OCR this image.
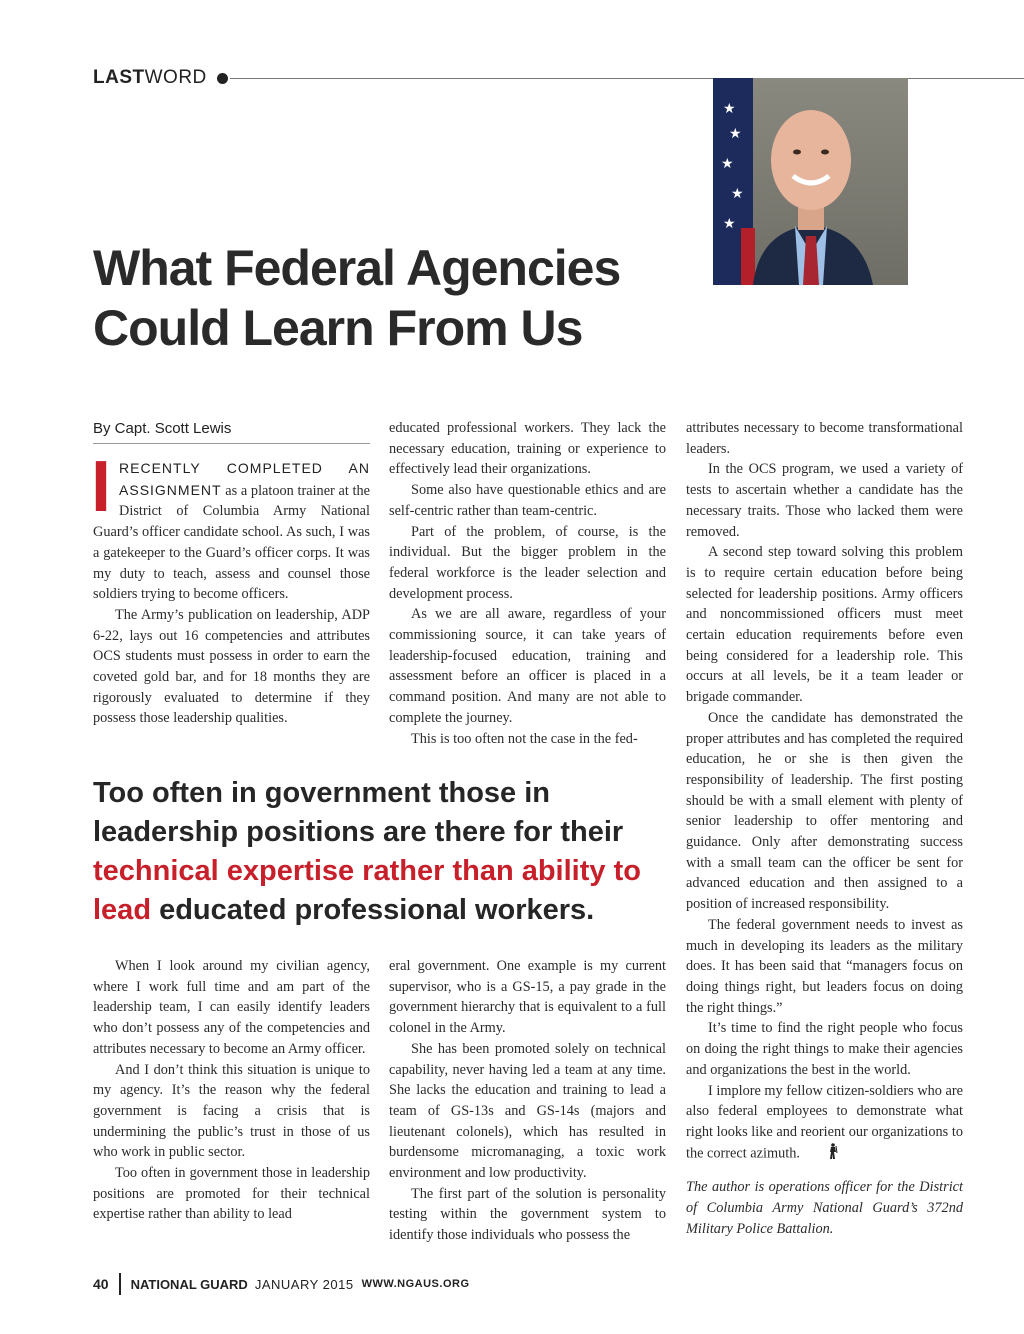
LAST WORD
★
★
★
★
★
What Federal Agencies
Could Learn From Us
By Capt. Scott Lewis

IRECENTLY COMPLETED AN ASSIGNMENT as a platoon trainer at the District of Columbia Army National Guard’s officer candidate school. As such, I was a gatekeeper to the Guard’s officer corps. It was my duty to teach, assess and counsel those soldiers trying to become officers.

The Army’s publication on leadership, ADP 6-22, lays out 16 competencies and attributes OCS students must possess in order to earn the coveted gold bar, and for 18 months they are rigorously evaluated to determine if they possess those leadership qualities.

educated professional workers. They lack the necessary education, training or experience to effectively lead their organizations.

Some also have questionable ethics and are self-centric rather than team-centric.

Part of the problem, of course, is the individual. But the bigger problem in the federal workforce is the leader selection and development process.

As we are all aware, regardless of your commissioning source, it can take years of leadership-focused education, training and assessment before an officer is placed in a command position. And many are not able to complete the journey.

This is too often not the case in the fed-

Too often in government those in leadership positions are there for their technical expertise rather than ability to lead educated professional workers.

When I look around my civilian agency, where I work full time and am part of the leadership team, I can easily identify leaders who don’t possess any of the competencies and attributes necessary to become an Army officer.

And I don’t think this situation is unique to my agency. It’s the reason why the federal government is facing a crisis that is undermining the public’s trust in those of us who work in public sector.

Too often in government those in leadership positions are promoted for their technical expertise rather than ability to lead

eral government. One example is my current supervisor, who is a GS-15, a pay grade in the government hierarchy that is equivalent to a full colonel in the Army.

She has been promoted solely on technical capability, never having led a team at any time. She lacks the education and training to lead a team of GS-13s and GS-14s (majors and lieutenant colonels), which has resulted in burdensome micromanaging, a toxic work environment and low productivity.

The first part of the solution is personality testing within the government system to identify those individuals who possess the

attributes necessary to become transformational leaders.

In the OCS program, we used a variety of tests to ascertain whether a candidate has the necessary traits. Those who lacked them were removed.

A second step toward solving this problem is to require certain education before being selected for leadership positions. Army officers and noncommissioned officers must meet certain education requirements before even being considered for a leadership role. This occurs at all levels, be it a team leader or brigade commander.

Once the candidate has demonstrated the proper attributes and has completed the required education, he or she is then given the responsibility of leadership. The first posting should be with a small element with plenty of senior leadership to offer mentoring and guidance. Only after demonstrating success with a small team can the officer be sent for advanced education and then assigned to a position of increased responsibility.

The federal government needs to invest as much in developing its leaders as the military does. It has been said that “managers focus on doing things right, but leaders focus on doing the right things.”

It’s time to find the right people who focus on doing the right things to make their agencies and organizations the best in the world.

I implore my fellow citizen-soldiers who are also federal employees to demonstrate what right looks like and reorient our organizations to the correct azimuth.

The author is operations officer for the District of Columbia Army National Guard’s 372nd Military Police Battalion.

40 NATIONAL GUARD JANUARY 2015 WWW.NGAUS.ORG
